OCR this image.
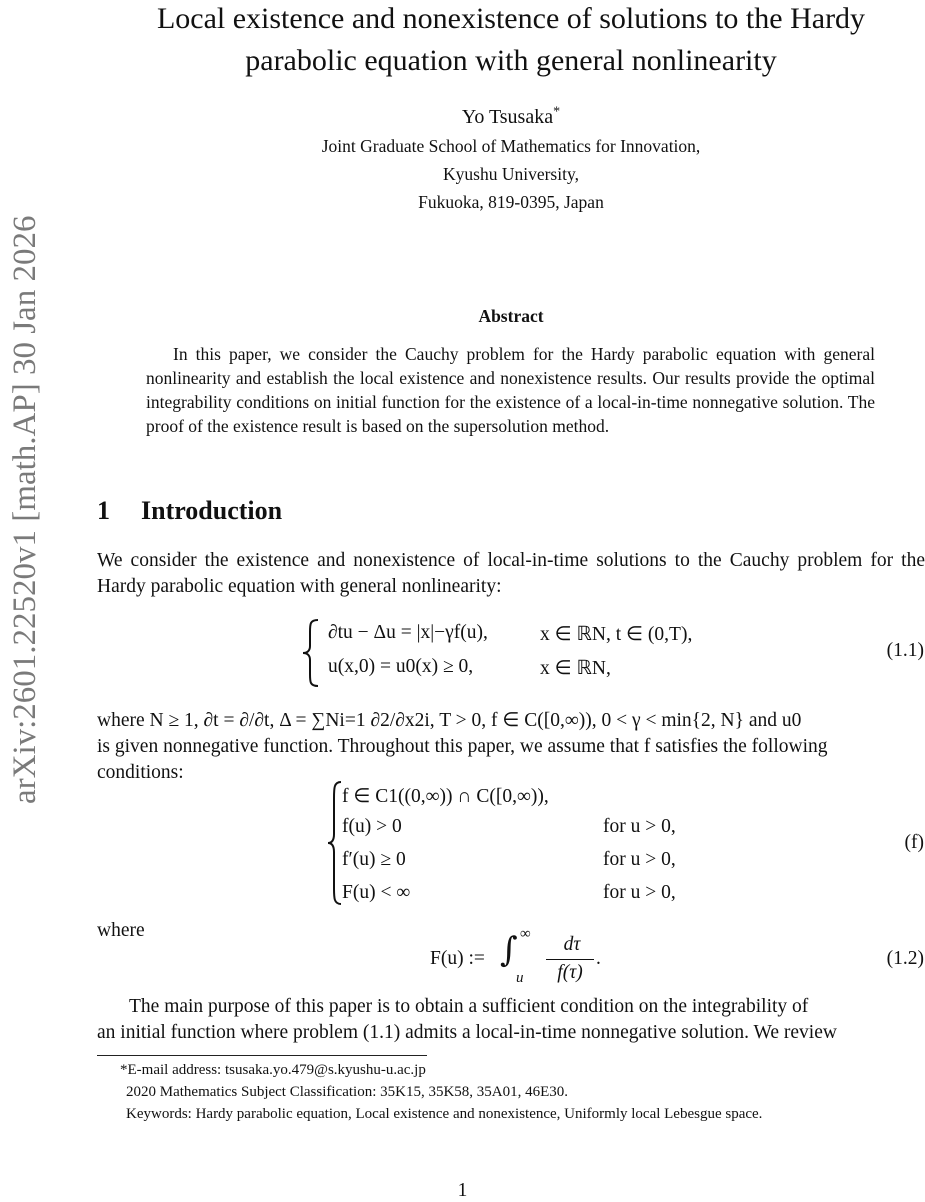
arXiv:2601.22520v1 [math.AP] 30 Jan 2026
Local existence and nonexistence of solutions to the Hardy
parabolic equation with general nonlinearity
Yo Tsusaka*
Joint Graduate School of Mathematics for Innovation,
Kyushu University,
Fukuoka, 819-0395, Japan
Abstract

In this paper, we consider the Cauchy problem for the Hardy parabolic equation with general nonlinearity and establish the local existence and nonexistence results. Our results provide the optimal integrability conditions on initial function for the existence of a local-in-time nonnegative solution. The proof of the existence result is based on the supersolution method.

1 Introduction

We consider the existence and nonexistence of local-in-time solutions to the Cauchy problem for the Hardy parabolic equation with general nonlinearity:

∂tu − Δu = |x|−γf(u),	x ∈ ℝN, t ∈ (0,T),
u(x,0) = u0(x) ≥ 0,	x ∈ ℝN,
(1.1)
where N ≥ 1, ∂t = ∂/∂t, Δ = ∑Ni=1 ∂2/∂x2i, T > 0, f ∈ C([0,∞)), 0 < γ < min{2, N} and u0
is given nonnegative function. Throughout this paper, we assume that f satisfies the following
conditions:
f ∈ C1((0,∞)) ∩ C([0,∞)),
f(u) > 0	for u > 0,
f′(u) ≥ 0	for u > 0,
F(u) < ∞	for u > 0,
(f)
where
F(u) := ∫ ∞
u
dτ
f(τ)
.	(1.2)
The main purpose of this paper is to obtain a sufficient condition on the integrability of
an initial function where problem (1.1) admits a local-in-time nonnegative solution. We review
*E-mail address: tsusaka.yo.479@s.kyushu-u.ac.jp
2020 Mathematics Subject Classification: 35K15, 35K58, 35A01, 46E30.
Keywords: Hardy parabolic equation, Local existence and nonexistence, Uniformly local Lebesgue space.
1
